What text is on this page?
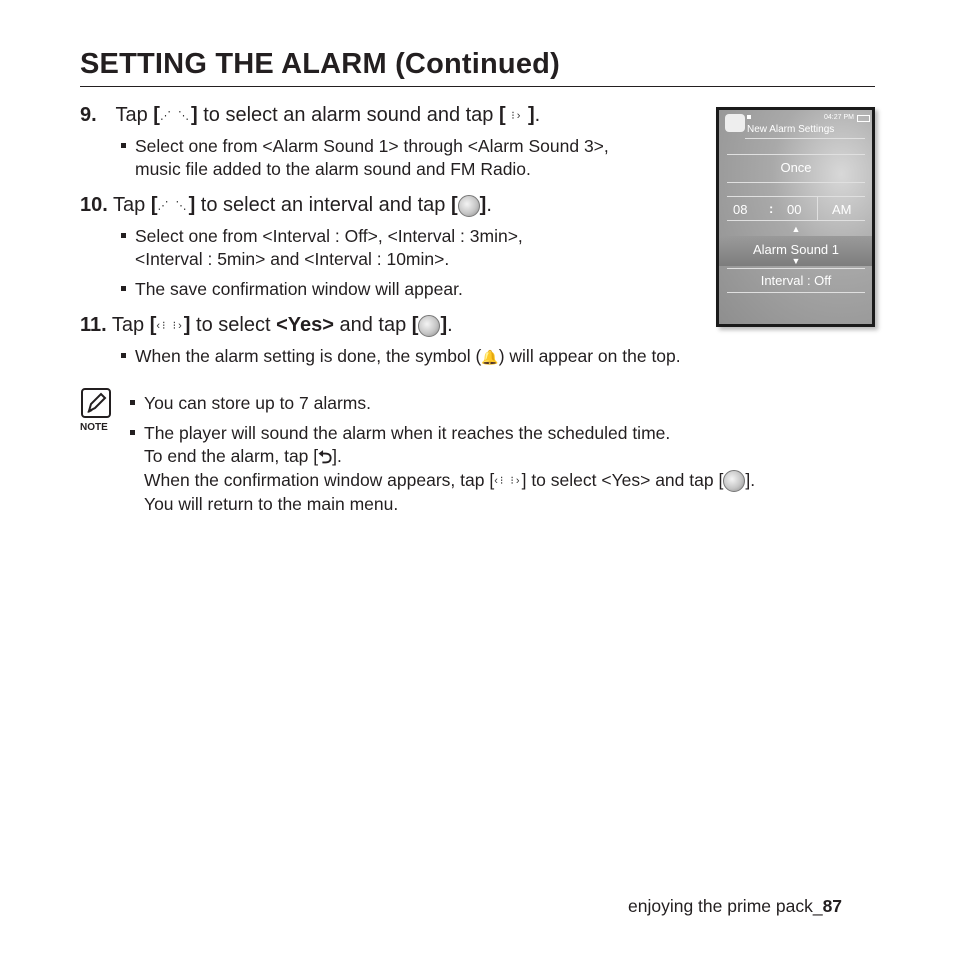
SETTING THE ALARM (Continued)
9. Tap [⋰ ⋱] to select an alarm sound and tap [ ⁝› ].
Select one from <Alarm Sound 1> through <Alarm Sound 3>,
music file added to the alarm sound and FM Radio.
10. Tap [⋰ ⋱] to select an interval and tap [ ].
Select one from <Interval : Off>, <Interval : 3min>,
<Interval : 5min> and <Interval : 10min>.
The save confirmation window will appear.
11. Tap [‹⁝ ⁝›] to select <Yes> and tap [ ].
When the alarm setting is done, the symbol (🔔) will appear on the top.
04:27 PM
New Alarm Settings
Once
08 : 00 AM
▲
Alarm Sound 1
▼
Interval : Off
NOTE
You can store up to 7 alarms.
The player will sound the alarm when it reaches the scheduled time.
To end the alarm, tap [⮌].
When the confirmation window appears, tap [‹⁝ ⁝›] to select <Yes> and tap [ ].
You will return to the main menu.
enjoying the prime pack_87
